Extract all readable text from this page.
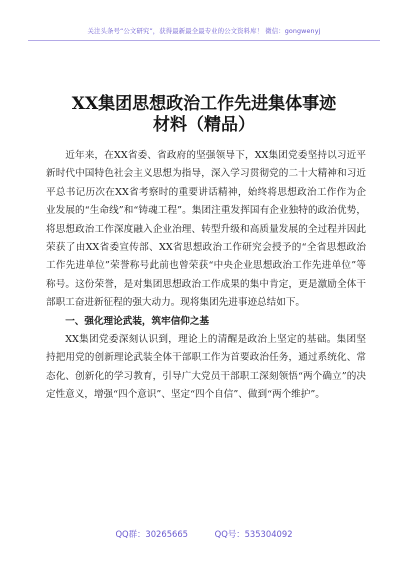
关注头条号“公文研究”，获得最新最全最专业的公文资料库！ 微信：gongwenyj
XX集团思想政治工作先进集体事迹
材料（精品）

近年来，在XX省委、省政府的坚强领导下，XX集团党委坚持以习近平新时代中国特色社会主义思想为指导，深入学习贯彻党的二十大精神和习近平总书记历次在XX省考察时的重要讲话精神，始终将思想政治工作作为企业发展的“生命线”和“铸魂工程”。集团注重发挥国有企业独特的政治优势，将思想政治工作深度融入企业治理、转型升级和高质量发展的全过程并因此荣获了由XX省委宣传部、XX省思想政治工作研究会授予的“全省思想政治工作先进单位”荣誉称号此前也曾荣获“中央企业思想政治工作先进单位”等称号。这份荣誉，是对集团思想政治工作成果的集中肯定，更是激励全体干部职工奋进新征程的强大动力。现将集团先进事迹总结如下。

一、强化理论武装，筑牢信仰之基

XX集团党委深刻认识到，理论上的清醒是政治上坚定的基础。集团坚持把用党的创新理论武装全体干部职工作为首要政治任务，通过系统化、常态化、创新化的学习教育，引导广大党员干部职工深刻领悟“两个确立”的决定性意义，增强“四个意识”、坚定“四个自信”、做到“两个维护”。

QQ群：30265665	QQ号：535304092
